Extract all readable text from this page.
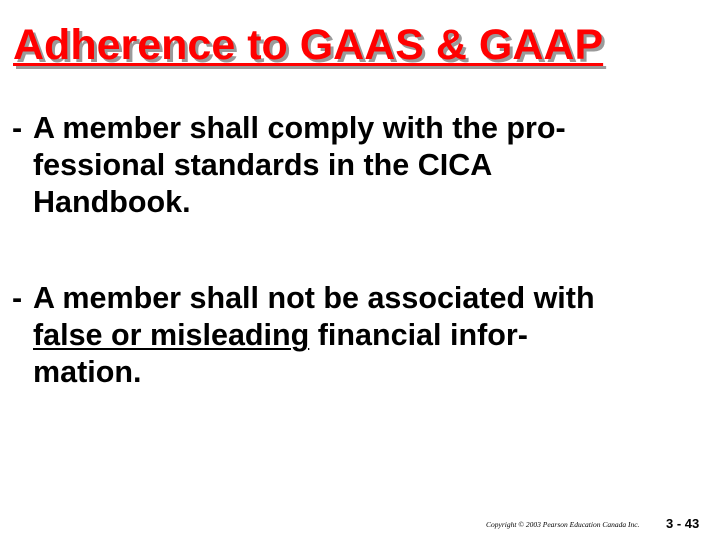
Adherence to GAAS & GAAP
- A member shall comply with the pro-
fessional standards in the CICA
Handbook.
- A member shall not be associated with
false or misleading financial infor-
mation.
Copyright © 2003 Pearson Education Canada Inc. 3 - 43
